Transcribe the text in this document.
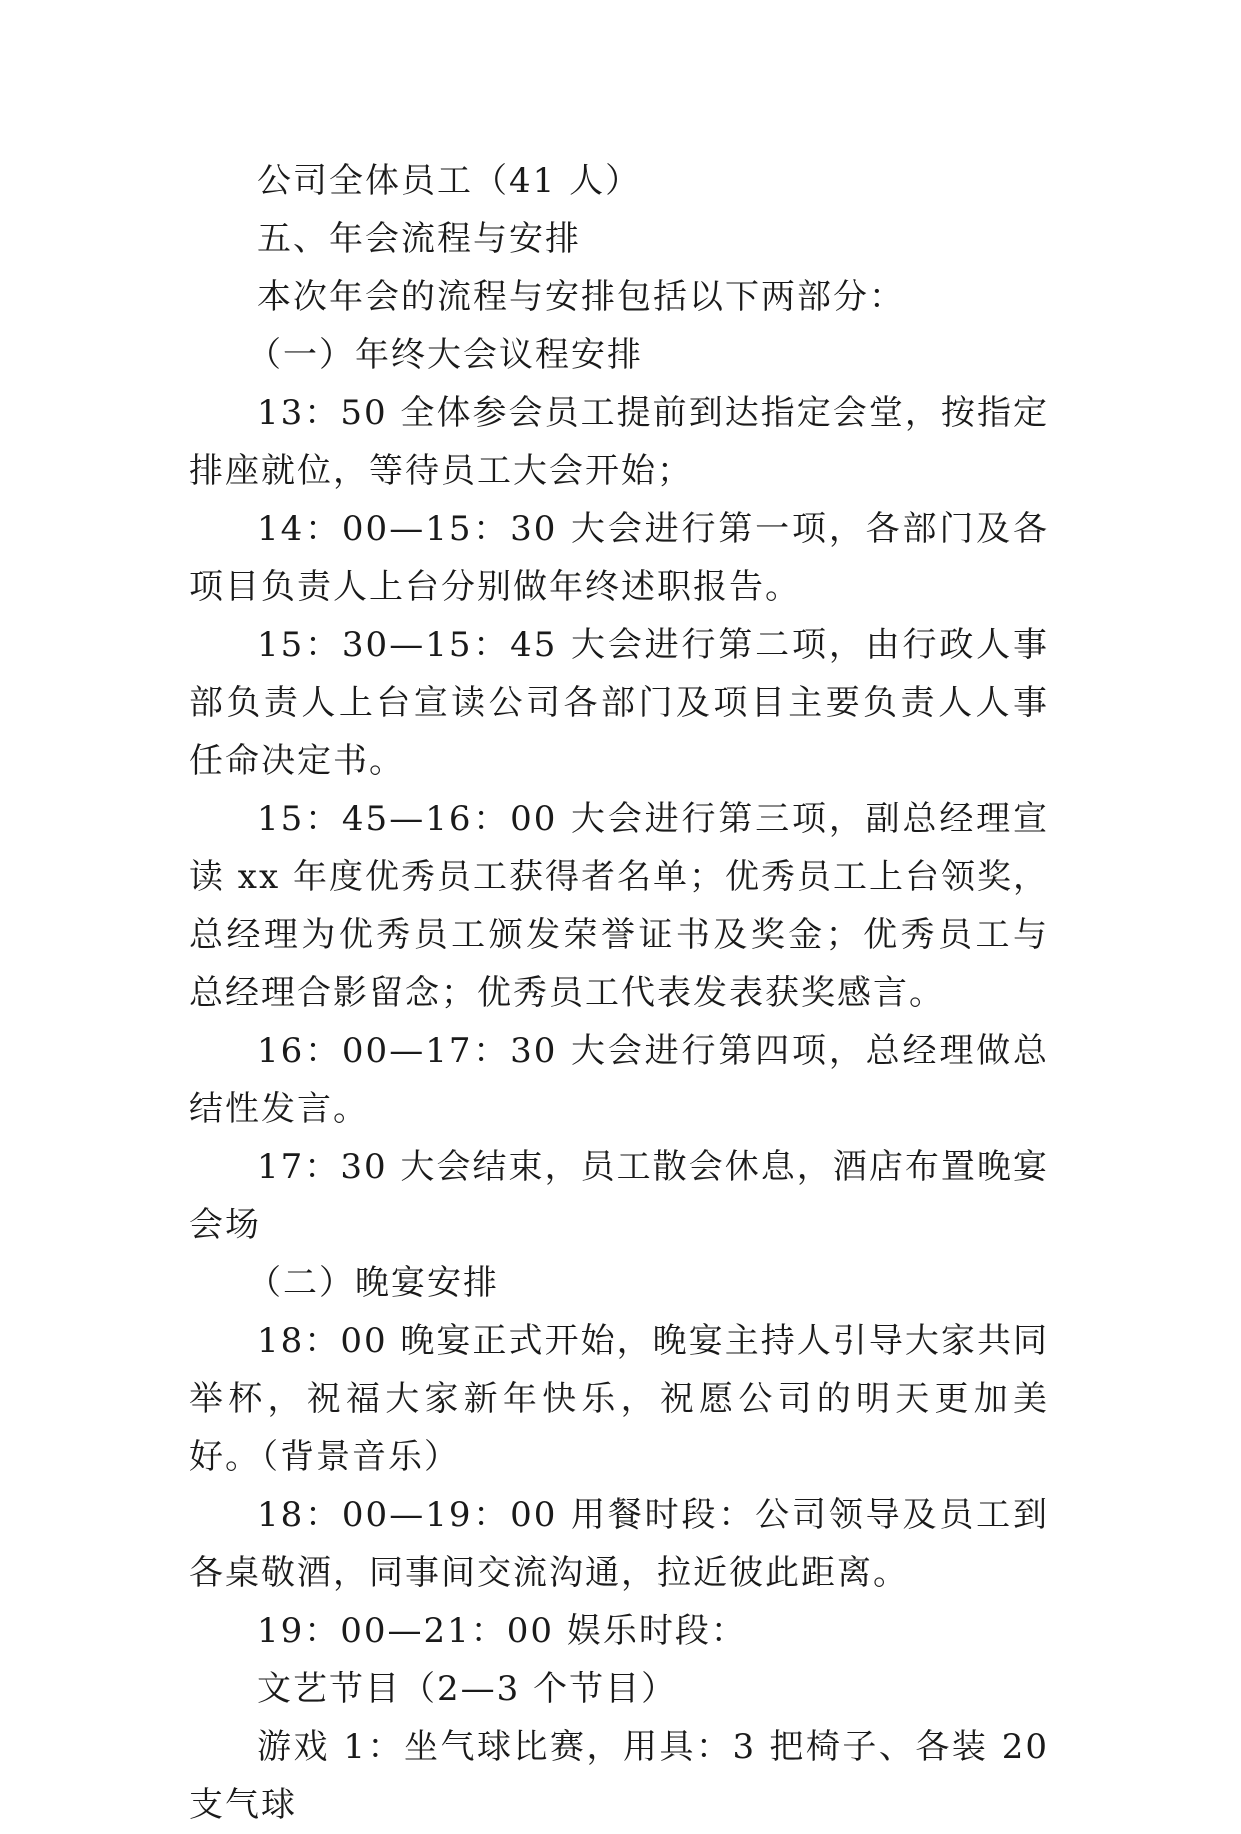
公司全体员工（41 人）

五、年会流程与安排

本次年会的流程与安排包括以下两部分：

（一）年终大会议程安排

13：50 全体参会员工提前到达指定会堂，按指定排座就位，等待员工大会开始；

14：00—15：30 大会进行第一项，各部门及各项目负责人上台分别做年终述职报告。

15：30—15：45 大会进行第二项，由行政人事部负责人上台宣读公司各部门及项目主要负责人人事任命决定书。

15：45—16：00 大会进行第三项，副总经理宣读 xx 年度优秀员工获得者名单；优秀员工上台领奖，总经理为优秀员工颁发荣誉证书及奖金；优秀员工与总经理合影留念；优秀员工代表发表获奖感言。

16：00—17：30 大会进行第四项，总经理做总结性发言。

17：30 大会结束，员工散会休息，酒店布置晚宴会场

（二）晚宴安排

18：00 晚宴正式开始，晚宴主持人引导大家共同举杯，祝福大家新年快乐，祝愿公司的明天更加美好。（背景音乐）

18：00—19：00 用餐时段：公司领导及员工到各桌敬酒，同事间交流沟通，拉近彼此距离。

19：00—21：00 娱乐时段：

文艺节目（2—3 个节目）

游戏 1：坐气球比赛，用具：3 把椅子、各装 20 支气球
